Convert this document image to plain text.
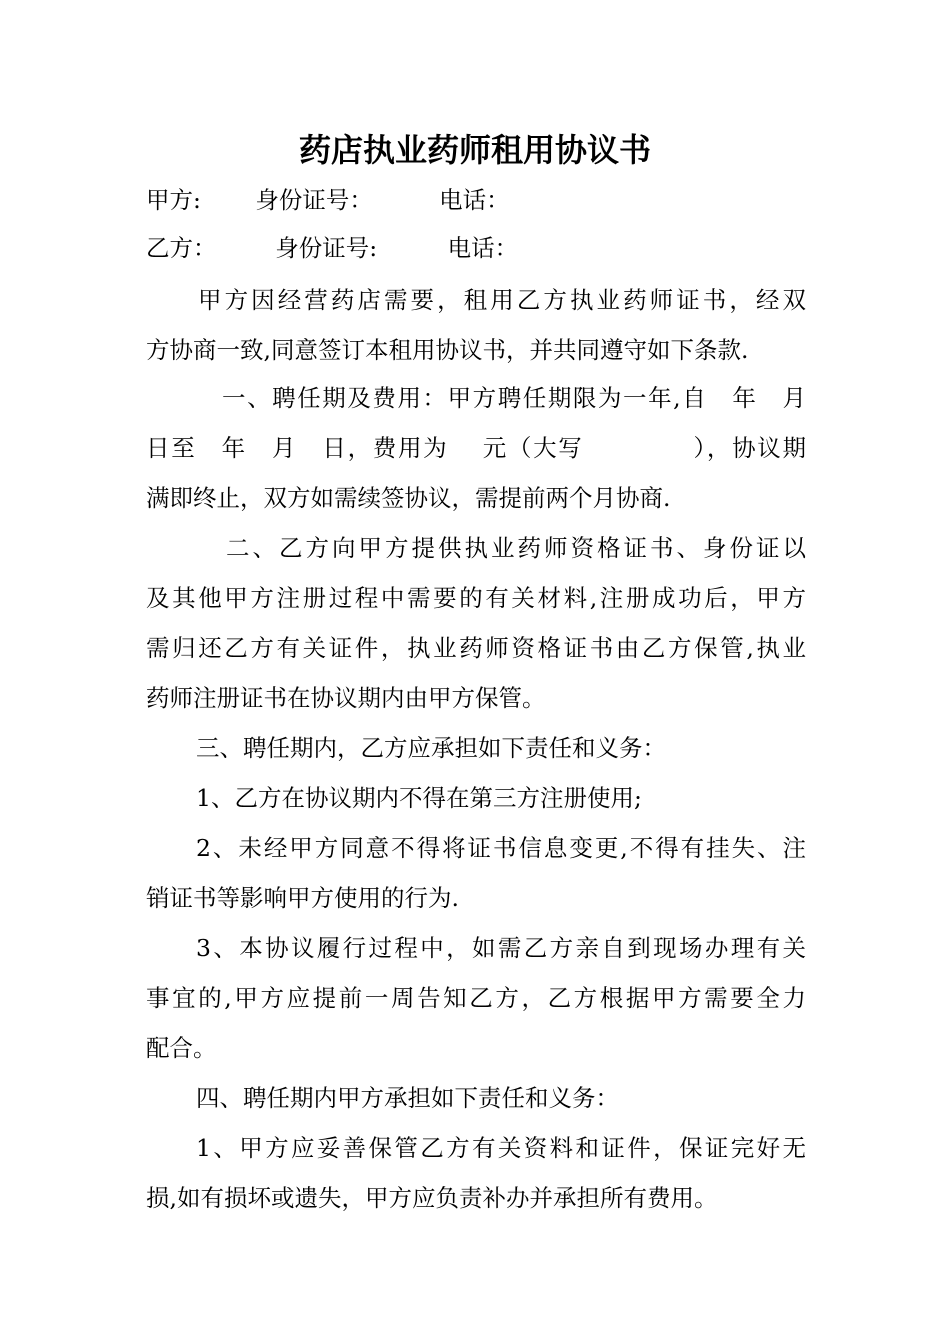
药店执业药师租用协议书
甲方:　　 身份证号：　　　 电话：
乙方：　　　身份证号:　　　电话：
甲方因经营药店需要，租用乙方执业药师证书，经双
方协商一致,同意签订本租用协议书，并共同遵守如下条款.
一、聘任期及费用：甲方聘任期限为一年,自　年　月
日至　年　月　日，费用为　 元（大写　　　　 ），协议期
满即终止，双方如需续签协议，需提前两个月协商.
二、乙方向甲方提供执业药师资格证书、身份证以
及其他甲方注册过程中需要的有关材料,注册成功后，甲方
需归还乙方有关证件，执业药师资格证书由乙方保管,执业
药师注册证书在协议期内由甲方保管。
三、聘任期内，乙方应承担如下责任和义务：
1、乙方在协议期内不得在第三方注册使用;
2、未经甲方同意不得将证书信息变更,不得有挂失、注
销证书等影响甲方使用的行为.
3、本协议履行过程中，如需乙方亲自到现场办理有关
事宜的,甲方应提前一周告知乙方，乙方根据甲方需要全力
配合。
四、聘任期内甲方承担如下责任和义务：
1、甲方应妥善保管乙方有关资料和证件，保证完好无
损,如有损坏或遗失，甲方应负责补办并承担所有费用。
